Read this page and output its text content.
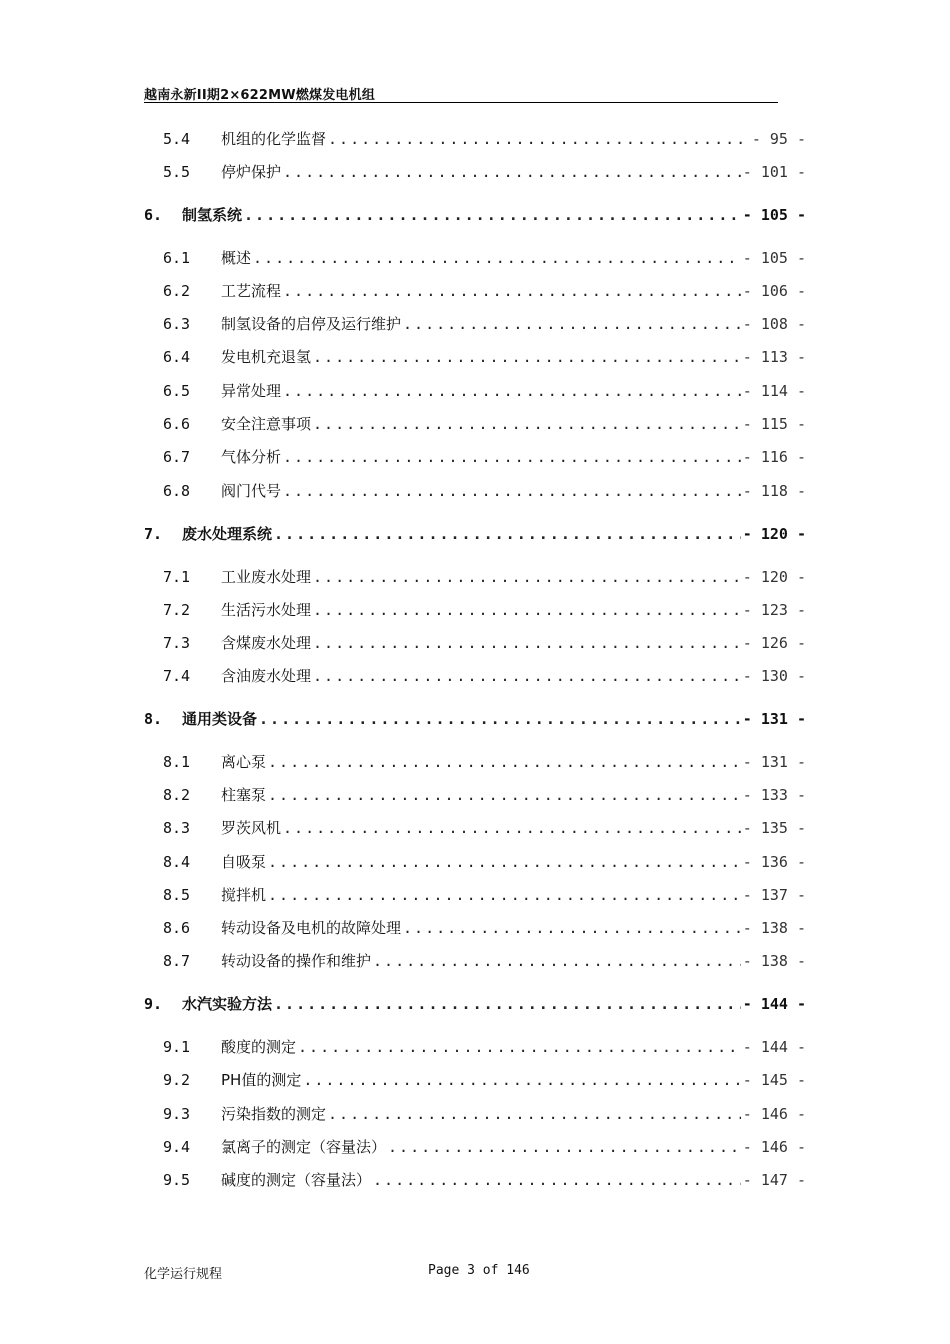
越南永新II期2×622MW燃煤发电机组
5.4	机组的化学监督 .....	- 95 -
5.5	停炉保护 .....	- 101 -
6.	制氢系统 .....	- 105 -
6.1	概述 .....	- 105 -
6.2	工艺流程 .....	- 106 -
6.3	制氢设备的启停及运行维护 .....	- 108 -
6.4	发电机充退氢 .....	- 113 -
6.5	异常处理 .....	- 114 -
6.6	安全注意事项 .....	- 115 -
6.7	气体分析 .....	- 116 -
6.8	阀门代号 .....	- 118 -
7.	废水处理系统 .....	- 120 -
7.1	工业废水处理 .....	- 120 -
7.2	生活污水处理 .....	- 123 -
7.3	含煤废水处理 .....	- 126 -
7.4	含油废水处理 .....	- 130 -
8.	通用类设备 .....	- 131 -
8.1	离心泵 .....	- 131 -
8.2	柱塞泵 .....	- 133 -
8.3	罗茨风机 .....	- 135 -
8.4	自吸泵 .....	- 136 -
8.5	搅拌机 .....	- 137 -
8.6	转动设备及电机的故障处理 .....	- 138 -
8.7	转动设备的操作和维护 .....	- 138 -
9.	水汽实验方法 .....	- 144 -
9.1	酸度的测定 .....	- 144 -
9.2	PH值的测定 .....	- 145 -
9.3	污染指数的测定 .....	- 146 -
9.4	氯离子的测定（容量法） .....	- 146 -
9.5	碱度的测定（容量法） .....	- 147 -
化学运行规程	Page 3 of 146
